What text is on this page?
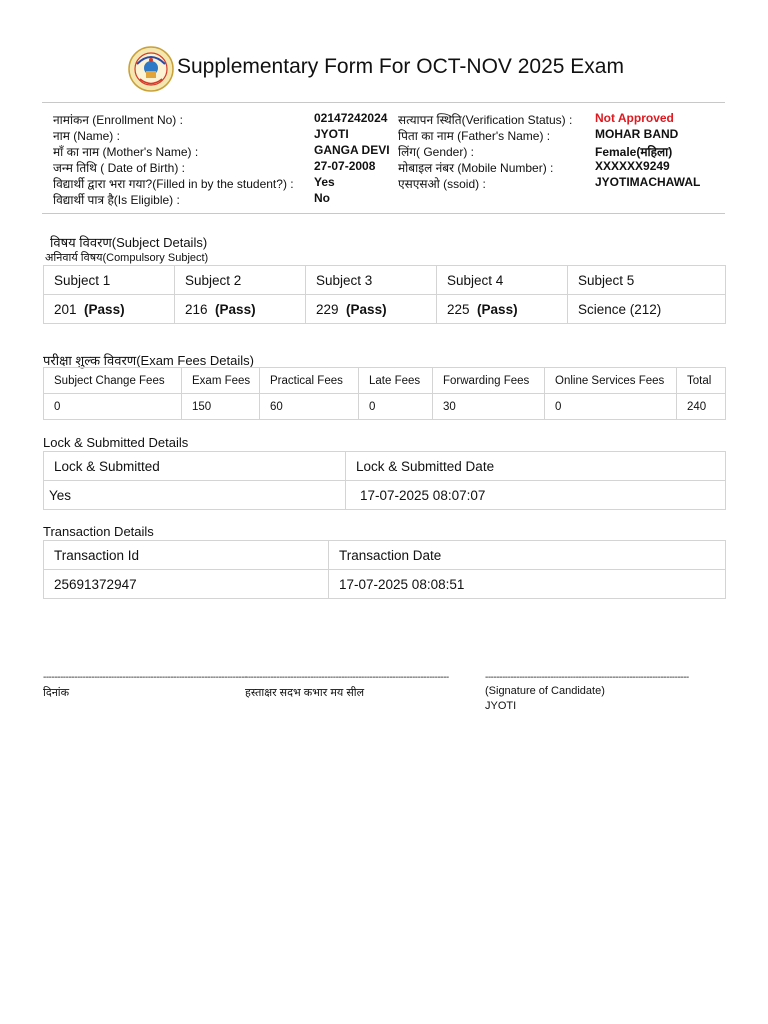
Supplementary Form For OCT-NOV 2025 Exam
नामांकन (Enrollment No) :	02147242024 सत्यापन स्थिति(Verification Status) : Not Approved
नाम (Name) :	JYOTI	पिता का नाम (Father's Name) :	MOHAR BAND
माँ का नाम (Mother's Name) :	GANGA DEVI लिंग( Gender) :	Female(महिला)
जन्म तिथि ( Date of Birth) :	27-07-2008 मोबाइल नंबर (Mobile Number) :	XXXXXX9249
विद्यार्थी द्वारा भरा गया?(Filled in by the student?) : Yes	एसएसओ (ssoid) :	JYOTIMACHAWAL
विद्यार्थी पात्र है(Is Eligible) :	No
विषय विवरण(Subject Details)
अनिवार्य विषय(Compulsory Subject)
Subject 1	Subject 2	Subject 3	Subject 4	Subject 5
201 (Pass)	216 (Pass)	229 (Pass)	225 (Pass)	Science (212)
परीक्षा शुल्क विवरण(Exam Fees Details)
Subject Change Fees	Exam Fees	Practical Fees	Late Fees	Forwarding Fees	Online Services Fees	Total
0	150	60	0	30	0	240
Lock & Submitted Details
Lock & Submitted	Lock & Submitted Date
Yes	17-07-2025 08:07:07
Transaction Details
Transaction Id	Transaction Date
25691372947	17-07-2025 08:08:51
------------------------------------------------------------------------
------------------------------------------------------------------------	------------------------------------------------------------------------
दिनांक	हस्ताक्षर सदभ कभार मय सील	(Signature of Candidate)
JYOTI
